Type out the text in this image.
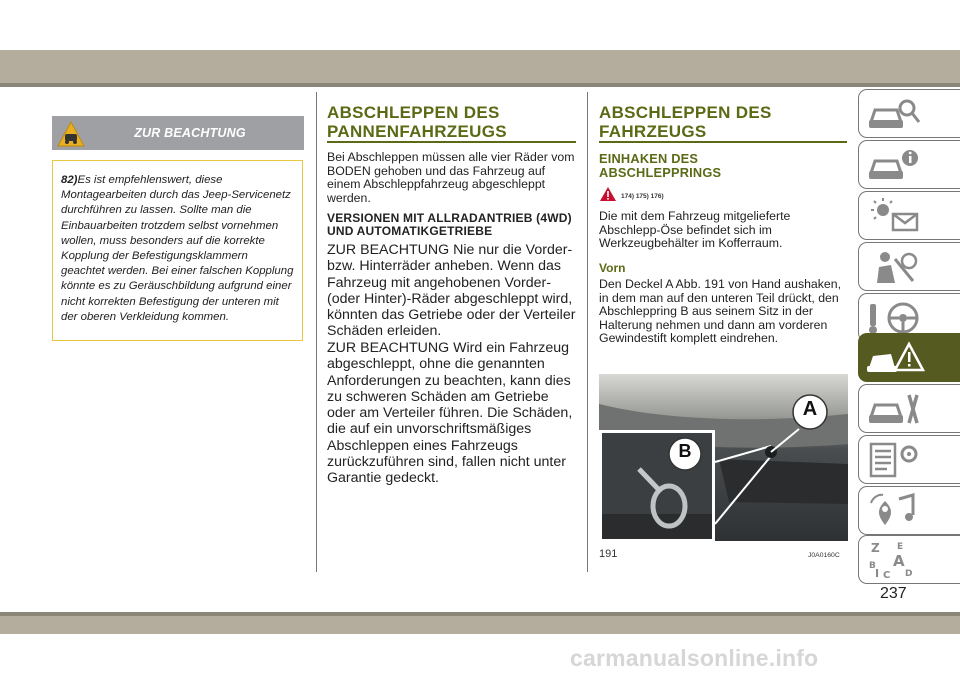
ZUR BEACHTUNG

82)Es ist empfehlenswert, diese Montagearbeiten durch das Jeep-Servicenetz durchführen zu lassen. Sollte man die Einbauarbeiten trotzdem selbst vornehmen wollen, muss besonders auf die korrekte Kopplung der Befestigungsklammern geachtet werden. Bei einer falschen Kopplung könnte es zu Geräuschbildung aufgrund einer nicht korrekten Befestigung der unteren mit der oberen Verkleidung kommen.

ABSCHLEPPEN DES
PANNENFAHRZEUGS

Bei Abschleppen müssen alle vier Räder vom BODEN gehoben und das Fahrzeug auf einem Abschleppfahrzeug abgeschleppt werden.

VERSIONEN MIT ALLRADANTRIEB (4WD)
UND AUTOMATIKGETRIEBE

ZUR BEACHTUNG Nie nur die Vorder- bzw. Hinterräder anheben. Wenn das Fahrzeug mit angehobenen Vorder- (oder Hinter)-Räder abgeschleppt wird, könnten das Getriebe oder der Verteiler Schäden erleiden.

ZUR BEACHTUNG Wird ein Fahrzeug abgeschleppt, ohne die genannten Anforderungen zu beachten, kann dies zu schweren Schäden am Getriebe oder am Verteiler führen. Die Schäden, die auf ein unvorschriftsmäßiges Abschleppen eines Fahrzeugs zurückzuführen sind, fallen nicht unter Garantie gedeckt.

ABSCHLEPPEN DES
FAHRZEUGS
EINHAKEN DES
ABSCHLEPPRINGS
174) 175) 176)

Die mit dem Fahrzeug mitgelieferte Abschlepp-Öse befindet sich im Werkzeugbehälter im Kofferraum.

Vorn

Den Deckel A Abb. 191 von Hand aushaken, in dem man auf den unteren Teil drückt, den Abschleppring B aus seinem Sitz in der Halterung nehmen und dann am vorderen Gewindestift komplett eindrehen.

A
B
191	J0A0160C
Z E
B A
I C D
237
carmanualsonline.info
